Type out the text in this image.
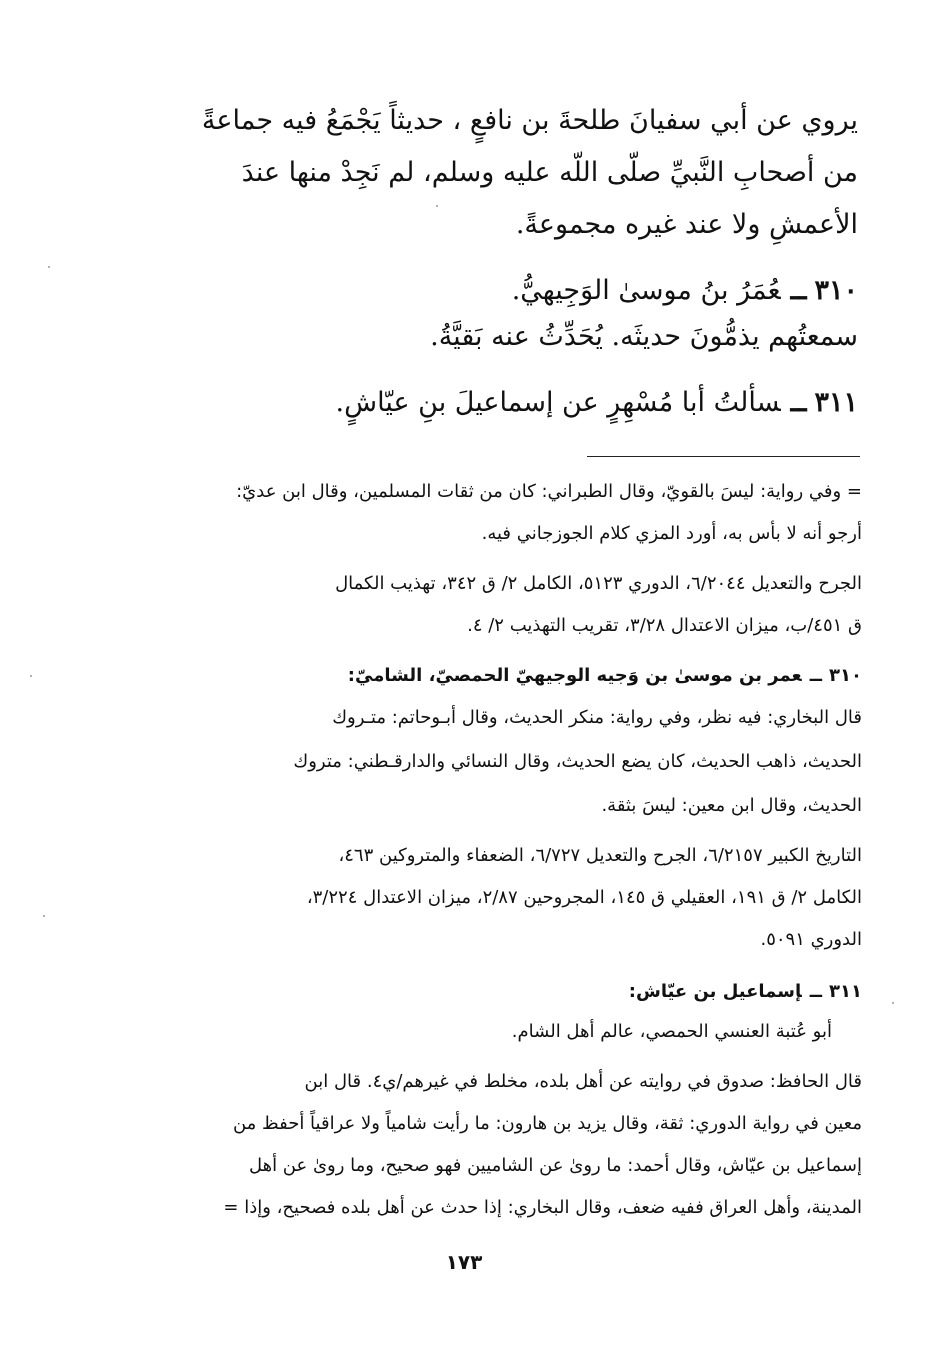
يروي عن أبي سفيانَ طلحةَ بن نافعٍ ، حديثاً يَجْمَعُ فيه جماعةً
من أصحابِ النَّبيِّ صلّى اللّه عليه وسلم، لم نَجِدْ منها عندَ
الأعمشِ ولا عند غيره مجموعةً.
٣١٠ــعُمَرُ بنُ موسىٰ الوَجِيهيُّ.
سمعتُهم يذمُّونَ حديثَه. يُحَدِّثُ عنه بَقيَّةُ.
٣١١ــسألتُ أبا مُسْهِرٍ عن إسماعيلَ بنِ عيّاشٍ.
= وفي رواية: ليسَ بالقويّ، وقال الطبراني: كان من ثقات المسلمين، وقال ابن عديّ:
أرجو أنه لا بأس به، أورد المزي كلام الجوزجاني فيه.
الجرح والتعديل ٦/٢٠٤٤، الدوري ٥١٢٣، الكامل ٢/ ق ٣٤٢، تهذيب الكمال
ق ٤٥١/ب، ميزان الاعتدال ٣/٢٨، تقريب التهذيب ٢/ ٤.
٣١٠ــعمر بن موسىٰ بن وَجيه الوجيهيّ الحمصيّ، الشاميّ:
قال البخاري: فيه نظر، وفي رواية: منكر الحديث، وقال أبـوحاتم: متـروك
الحديث، ذاهب الحديث، كان يضع الحديث، وقال النسائي والدارقـطني: متروك
الحديث، وقال ابن معين: ليسَ بثقة.
التاريخ الكبير ٦/٢١٥٧، الجرح والتعديل ٦/٧٢٧، الضعفاء والمتروكين ٤٦٣،
الكامل ٢/ ق ١٩١، العقيلي ق ١٤٥، المجروحين ٢/٨٧، ميزان الاعتدال ٣/٢٢٤،
الدوري ٥٠٩١.
٣١١ــإسماعيل بن عيّاش:
أبو عُتبة العنسي الحمصي، عالم أهل الشام.
قال الحافظ: صدوق في روايته عن أهل بلده، مخلط في غيرهم/ي٤. قال ابن
معين في رواية الدوري: ثقة، وقال يزيد بن هارون: ما رأيت شامياً ولا عراقياً أحفظ من
إسماعيل بن عيّاش، وقال أحمد: ما روىٰ عن الشاميين فهو صحيح، وما روىٰ عن أهل
المدينة، وأهل العراق ففيه ضعف، وقال البخاري: إذا حدث عن أهل بلده فصحيح، وإذا =
١٧٣
